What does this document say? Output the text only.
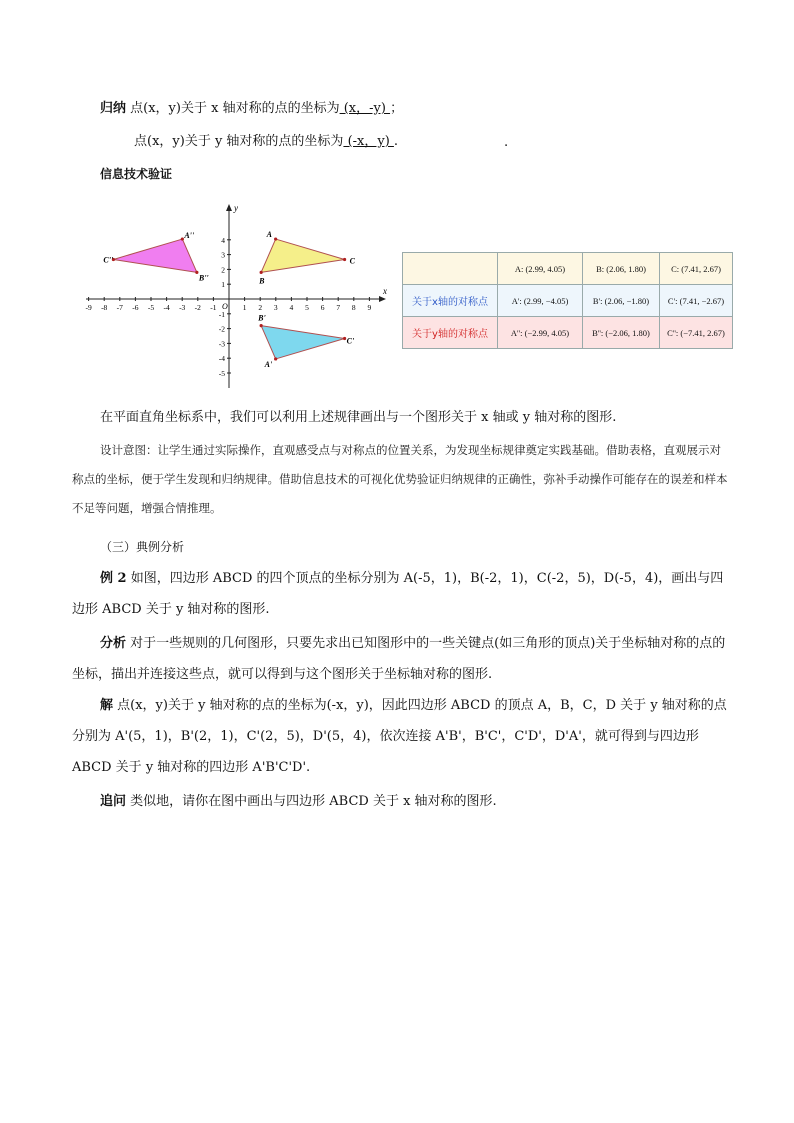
归纳 点(x，y)关于 x 轴对称的点的坐标为 (x，-y) ；
点(x，y)关于 y 轴对称的点的坐标为 (-x，y) .	.
信息技术验证
x
y
O
-9 -8 -7 -6 -5 -4 -3 -2 -1	1 2 3 4 5 6 7 8 9
4
3
2
1
-1
-2
-3
-4
-5
A
B
C
A'
B'
C'
A''
B''
C''
	A: (2.99, 4.05)	B: (2.06, 1.80)	C: (7.41, 2.67)
关于x轴的对称点	A': (2.99, −4.05)	B': (2.06, −1.80)	C': (7.41, −2.67)
关于y轴的对称点	A'': (−2.99, 4.05)	B'': (−2.06, 1.80)	C'': (−7.41, 2.67)
在平面直角坐标系中，我们可以利用上述规律画出与一个图形关于 x 轴或 y 轴对称的图形.
设计意图：让学生通过实际操作，直观感受点与对称点的位置关系，为发现坐标规律奠定实践基础。借助表格，直观展示对称点的坐标，便于学生发现和归纳规律。借助信息技术的可视化优势验证归纳规律的正确性，弥补手动操作可能存在的误差和样本不足等问题，增强合情推理。
（三）典例分析
例 2 如图，四边形 ABCD 的四个顶点的坐标分别为 A(-5，1)，B(-2，1)，C(-2，5)，D(-5，4)，画出与四边形 ABCD 关于 y 轴对称的图形.
分析 对于一些规则的几何图形，只要先求出已知图形中的一些关键点(如三角形的顶点)关于坐标轴对称的点的坐标，描出并连接这些点，就可以得到与这个图形关于坐标轴对称的图形.
解 点(x，y)关于 y 轴对称的点的坐标为(-x，y)，因此四边形 ABCD 的顶点 A，B，C，D 关于 y 轴对称的点分别为 A'(5，1)，B'(2，1)，C'(2，5)，D'(5，4)，依次连接 A'B'，B'C'，C'D'，D'A'，就可得到与四边形 ABCD 关于 y 轴对称的四边形 A'B'C'D'.
追问 类似地，请你在图中画出与四边形 ABCD 关于 x 轴对称的图形.
